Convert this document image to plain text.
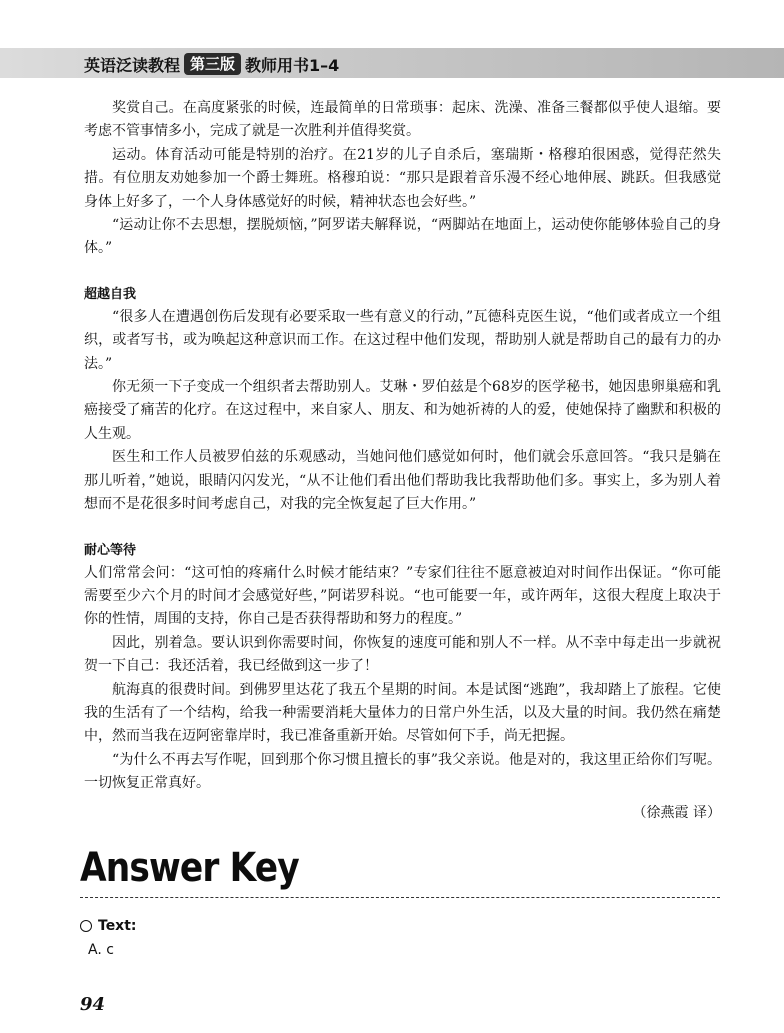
英语泛读教程 第三版 教师用书1–4

奖赏自己。在高度紧张的时候，连最简单的日常琐事：起床、洗澡、准备三餐都似乎使人退缩。要考虑不管事情多小，完成了就是一次胜利并值得奖赏。

运动。体育活动可能是特别的治疗。在21岁的儿子自杀后，塞瑞斯・格穆珀很困惑，觉得茫然失措。有位朋友劝她参加一个爵士舞班。格穆珀说：“那只是跟着音乐漫不经心地伸展、跳跃。但我感觉身体上好多了，一个人身体感觉好的时候，精神状态也会好些。”

“运动让你不去思想，摆脱烦恼，”阿罗诺夫解释说，“两脚站在地面上，运动使你能够体验自己的身体。”

超越自我

“很多人在遭遇创伤后发现有必要采取一些有意义的行动，”瓦德科克医生说，“他们或者成立一个组织，或者写书，或为唤起这种意识而工作。在这过程中他们发现，帮助别人就是帮助自己的最有力的办法。”

你无须一下子变成一个组织者去帮助别人。艾琳・罗伯兹是个68岁的医学秘书，她因患卵巢癌和乳癌接受了痛苦的化疗。在这过程中，来自家人、朋友、和为她祈祷的人的爱，使她保持了幽默和积极的人生观。

医生和工作人员被罗伯兹的乐观感动，当她问他们感觉如何时，他们就会乐意回答。“我只是躺在那儿听着，”她说，眼睛闪闪发光，“从不让他们看出他们帮助我比我帮助他们多。事实上，多为别人着想而不是花很多时间考虑自己，对我的完全恢复起了巨大作用。”

耐心等待

人们常常会问：“这可怕的疼痛什么时候才能结束？”专家们往往不愿意被迫对时间作出保证。“你可能需要至少六个月的时间才会感觉好些，”阿诺罗科说。“也可能要一年，或许两年，这很大程度上取决于你的性情，周围的支持，你自己是否获得帮助和努力的程度。”

因此，别着急。要认识到你需要时间，你恢复的速度可能和别人不一样。从不幸中每走出一步就祝贺一下自己：我还活着，我已经做到这一步了！

航海真的很费时间。到佛罗里达花了我五个星期的时间。本是试图“逃跑”，我却踏上了旅程。它使我的生活有了一个结构，给我一种需要消耗大量体力的日常户外生活，以及大量的时间。我仍然在痛楚中，然而当我在迈阿密靠岸时，我已准备重新开始。尽管如何下手，尚无把握。

“为什么不再去写作呢，回到那个你习惯且擅长的事”我父亲说。他是对的，我这里正给你们写呢。一切恢复正常真好。

（徐燕霞 译）

Answer Key
Text:
A. c
94
